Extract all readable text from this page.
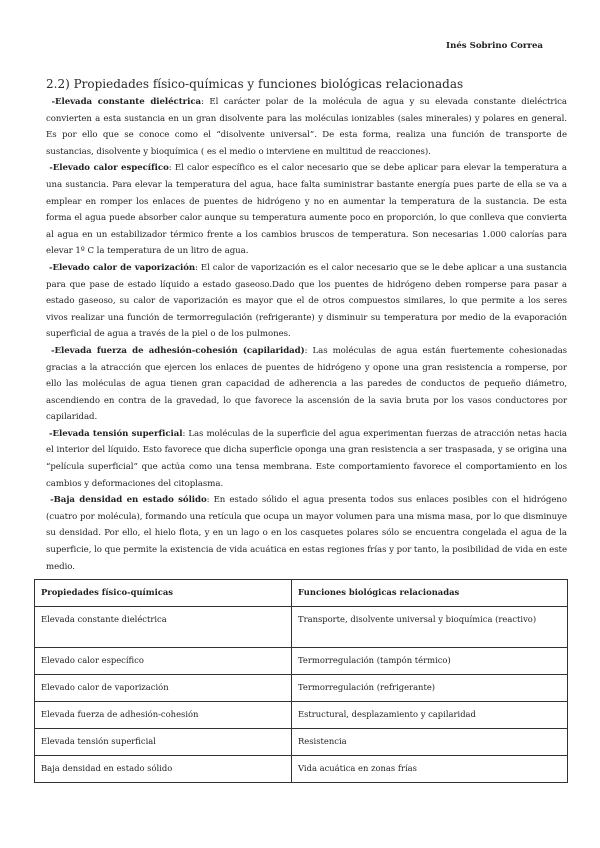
Inés Sobrino Correa
2.2) Propiedades físico-químicas y funciones biológicas relacionadas

-Elevada constante dieléctrica: El carácter polar de la molécula de agua y su elevada constante dieléctrica convierten a esta sustancia en un gran disolvente para las moléculas ionizables (sales minerales) y polares en general. Es por ello que se conoce como el “disolvente universal”. De esta forma, realiza una función de transporte de sustancias, disolvente y bioquímica ( es el medio o interviene en multitud de reacciones).

-Elevado calor específico: El calor específico es el calor necesario que se debe aplicar para elevar la temperatura a una sustancia. Para elevar la temperatura del agua, hace falta suministrar bastante energía pues parte de ella se va a emplear en romper los enlaces de puentes de hidrógeno y no en aumentar la temperatura de la sustancia. De esta forma el agua puede absorber calor aunque su temperatura aumente poco en proporción, lo que conlleva que convierta al agua en un estabilizador térmico frente a los cambios bruscos de temperatura. Son necesarias 1.000 calorías para elevar 1º C la temperatura de un litro de agua.

-Elevado calor de vaporización: El calor de vaporización es el calor necesario que se le debe aplicar a una sustancia para que pase de estado líquido a estado gaseoso.Dado que los puentes de hidrógeno deben romperse para pasar a estado gaseoso, su calor de vaporización es mayor que el de otros compuestos similares, lo que permite a los seres vivos realizar una función de termorregulación (refrigerante) y disminuir su temperatura por medio de la evaporación superficial de agua a través de la piel o de los pulmones.

-Elevada fuerza de adhesión-cohesión (capilaridad): Las moléculas de agua están fuertemente cohesionadas gracias a la atracción que ejercen los enlaces de puentes de hidrógeno y opone una gran resistencia a romperse, por ello las moléculas de agua tienen gran capacidad de adherencia a las paredes de conductos de pequeño diámetro, ascendiendo en contra de la gravedad, lo que favorece la ascensión de la savia bruta por los vasos conductores por capilaridad.

-Elevada tensión superficial: Las moléculas de la superficie del agua experimentan fuerzas de atracción netas hacia el interior del líquido. Esto favorece que dicha superficie oponga una gran resistencia a ser traspasada, y se origina una “película superficial” que actúa como una tensa membrana. Este comportamiento favorece el comportamiento en los cambios y deformaciones del citoplasma.

-Baja densidad en estado sólido: En estado sólido el agua presenta todos sus enlaces posibles con el hidrógeno (cuatro por molécula), formando una retícula que ocupa un mayor volumen para una misma masa, por lo que disminuye su densidad. Por ello, el hielo flota, y en un lago o en los casquetes polares sólo se encuentra congelada el agua de la superficie, lo que permite la existencia de vida acuática en estas regiones frías y por tanto, la posibilidad de vida en este medio.

Propiedades físico-químicas	Funciones biológicas relacionadas
Elevada constante dieléctrica	Transporte, disolvente universal y bioquímica (reactivo)
Elevado calor específico	Termorregulación (tampón térmico)
Elevado calor de vaporización	Termorregulación (refrigerante)
Elevada fuerza de adhesión-cohesión	Estructural, desplazamiento y capilaridad
Elevada tensión superficial	Resistencia
Baja densidad en estado sólido	Vida acuática en zonas frías
